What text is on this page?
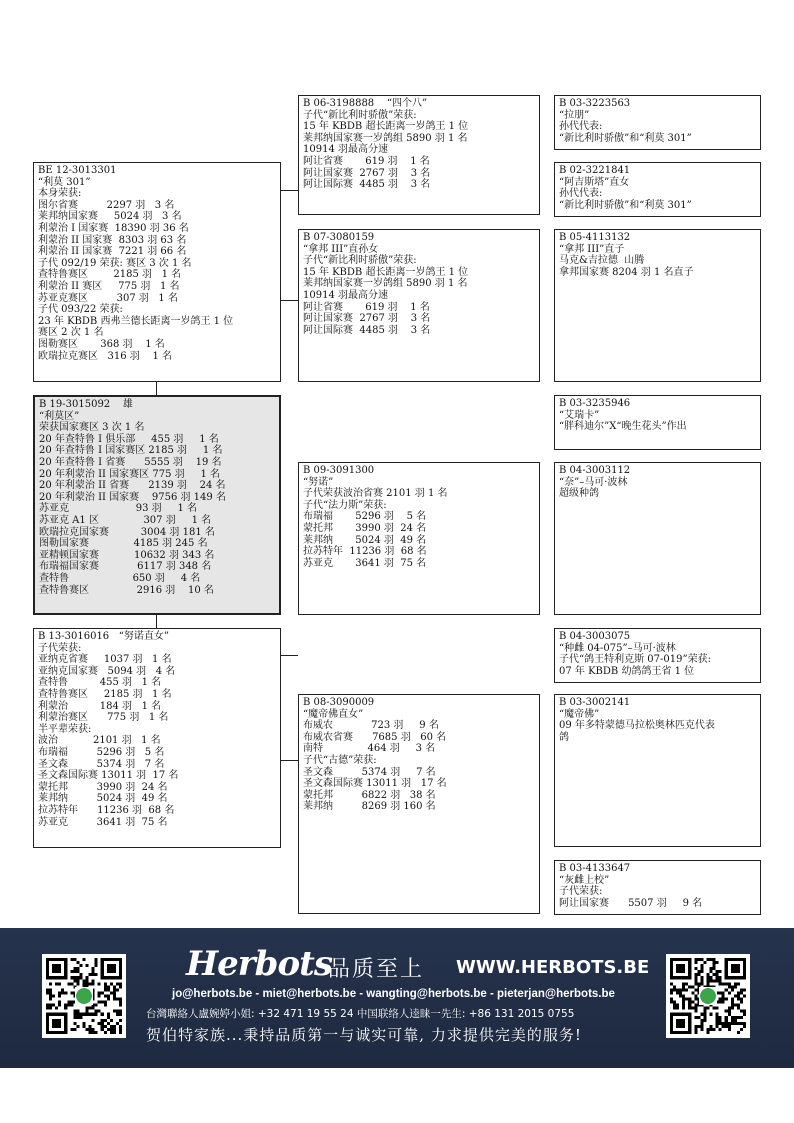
BE 12-3013301
“利莫 301”
本身荣获:
图尔省赛         2297 羽   3 名
莱邦纳国家赛     5024 羽   3 名
利蒙治 I 国家赛  18390 羽 36 名
利蒙治 II 国家赛  8303 羽 63 名
利蒙治 II 国家赛  7221 羽 66 名
子代 092/19 荣获: 赛区 3 次 1 名
查特鲁赛区        2185 羽   1 名
利蒙治 II 赛区     775 羽   1 名
苏亚克赛区         307 羽   1 名
子代 093/22 荣获:
23 年 KBDB 西弗兰德长距离一岁鸽王 1 位
赛区 2 次 1 名
图勒赛区       368 羽    1 名
欧瑞拉克赛区   316 羽    1 名
B 19-3015092    雄
“利莫区”
荣获国家赛区 3 次 1 名
20 年查特鲁 I 俱乐部     455 羽     1 名
20 年查特鲁 I 国家赛区 2185 羽     1 名
20 年查特鲁 I 省赛      5555 羽    19 名
20 年利蒙治 II 国家赛区 775 羽     1 名
20 年利蒙治 II 省赛      2139 羽    24 名
20 年利蒙治 II 国家赛    9756 羽 149 名
苏亚克                     93 羽     1 名
苏亚克 A1 区              307 羽     1 名
欧瑞拉克国家赛          3004 羽 181 名
图勒国家赛              4185 羽 245 名
亚精顿国家赛           10632 羽 343 名
布瑞福国家赛            6117 羽 348 名
查特鲁                    650 羽     4 名
查特鲁赛区               2916 羽    10 名
B 13-3016016   “努诺直女”
子代荣获:
亚纳克省赛     1037 羽   1 名
亚纳克国家赛   5094 羽   4 名
查特鲁          455 羽   1 名
查特鲁赛区     2185 羽   1 名
利蒙治          184 羽   1 名
利蒙治赛区      775 羽   1 名
半平辈荣获:
波治           2101 羽   1 名
布瑞福         5296 羽   5 名
圣文森         5374 羽   7 名
圣文森国际赛 13011 羽  17 名
蒙托邦         3990 羽  24 名
莱邦纳         5024 羽  49 名
拉苏特年      11236 羽  68 名
苏亚克         3641 羽  75 名
B 06-3198888    “四个八”
子代“新比利时骄傲”荣获:
15 年 KBDB 超长距离一岁鸽王 1 位
莱邦纳国家赛一岁鸽组 5890 羽 1 名
10914 羽最高分速
阿让省赛       619 羽    1 名
阿让国家赛  2767 羽    3 名
阿让国际赛  4485 羽    3 名
B 07-3080159
“拿邦 III”直孙女
子代“新比利时骄傲”荣获:
15 年 KBDB 超长距离一岁鸽王 1 位
莱邦纳国家赛一岁鸽组 5890 羽 1 名
10914 羽最高分速
阿让省赛       619 羽    1 名
阿让国家赛  2767 羽    3 名
阿让国际赛  4485 羽    3 名
B 09-3091300
“努诺”
子代荣获波治省赛 2101 羽 1 名
子代“法力斯”荣获:
布瑞福       5296 羽    5 名
蒙托邦       3990 羽  24 名
莱邦纳       5024 羽  49 名
拉苏特年  11236 羽  68 名
苏亚克       3641 羽  75 名
B 08-3090009
“魔帝佛直女”
布威农            723 羽     9 名
布威农省赛      7685 羽   60 名
南特              464 羽     3 名
子代“古德”荣获:
圣文森         5374 羽     7 名
圣文森国际赛 13011 羽   17 名
蒙托邦         6822 羽   38 名
莱邦纳         8269 羽 160 名
B 03-3223563
“拉朋”
孙代代表:
“新比利时骄傲”和“利莫 301”
B 02-3221841
“阿吉斯塔”直女
孙代代表:
“新比利时骄傲”和“利莫 301”
B 05-4113132
“拿邦 III”直子
马克&吉拉德  山腾
拿邦国家赛 8204 羽 1 名直子
B 03-3235946
“艾瑞卡”
“胖科迪尔”X“晚生花头”作出
B 04-3003112
“奈”–马可·波林
超级种鸽
B 04-3003075
“种雌 04-075”–马可·波林
子代“鸽王特利克斯 07-019”荣获:
07 年 KBDB 幼鸽鸽王省 1 位
B 03-3002141
“魔帝佛”
09 年多特蒙德马拉松奥林匹克代表
鸽
B 03-4133647
“灰雌上校”
子代荣获:
阿让国家赛      5507 羽     9 名
Herbots
品质至上 WWW.HERBOTS.BE
jo@herbots.be - miet@herbots.be - wangting@herbots.be - pieterjan@herbots.be
台灣聯絡人盧婉婷小姐: +32 471 19 55 24 中国联络人逵睐一先生: +86 131 2015 0755
贺伯特家族...秉持品质第一与诚实可靠, 力求提供完美的服务!
